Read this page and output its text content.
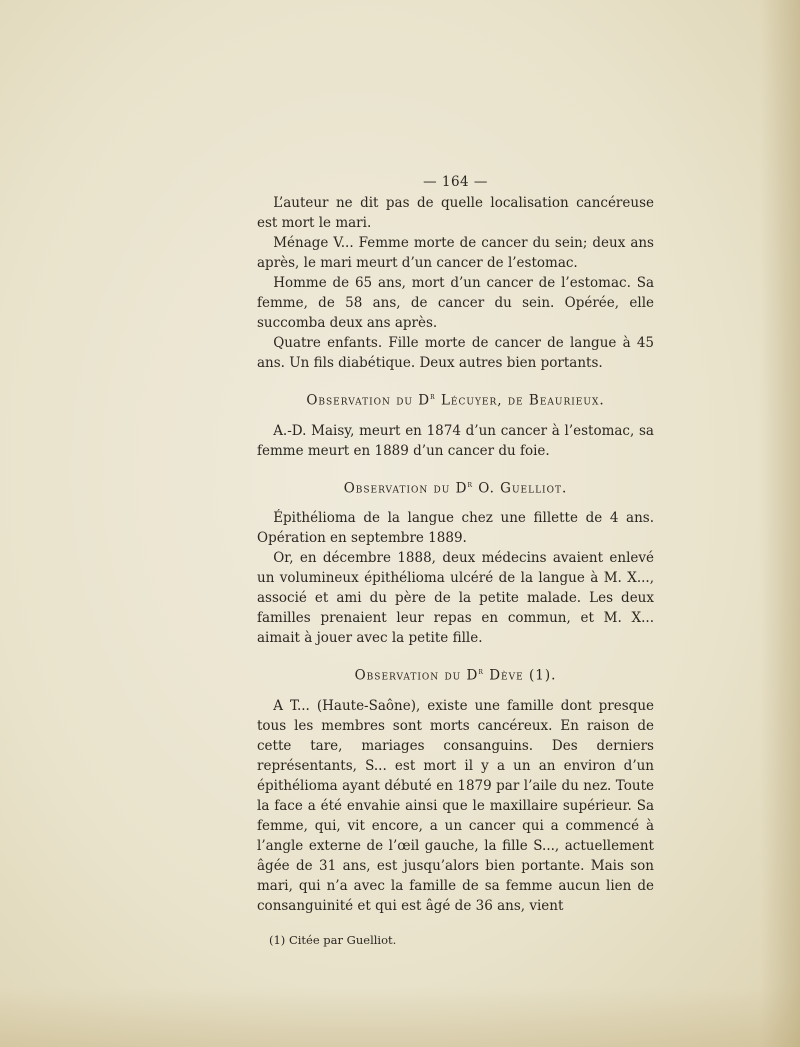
— 164 —

L’auteur ne dit pas de quelle localisation cancéreuse est mort le mari.

Ménage V... Femme morte de cancer du sein; deux ans après, le mari meurt d’un cancer de l’estomac.

Homme de 65 ans, mort d’un cancer de l’estomac. Sa femme, de 58 ans, de cancer du sein. Opérée, elle succomba deux ans après.

Quatre enfants. Fille morte de cancer de langue à 45 ans. Un fils diabétique. Deux autres bien portants.

Observation du $D^r$ Lécuyer, de Beaurieux.

A.-D. Maisy, meurt en 1874 d’un cancer à l’estomac, sa femme meurt en 1889 d’un cancer du foie.

Observation du $D^r$ O. Guelliot.

Épithélioma de la langue chez une fillette de 4 ans. Opération en septembre 1889.

Or, en décembre 1888, deux médecins avaient enlevé un volumineux épithélioma ulcéré de la langue à M. X..., associé et ami du père de la petite malade. Les deux familles prenaient leur repas en commun, et M. X... aimait à jouer avec la petite fille.

Observation du $D^r$ Dève (1).

A T... (Haute-Saône), existe une famille dont presque tous les membres sont morts cancéreux. En raison de cette tare, mariages consanguins. Des derniers représentants, S... est mort il y a un an environ d’un épithélioma ayant débuté en 1879 par l’aile du nez. Toute la face a été envahie ainsi que le maxillaire supérieur. Sa femme, qui, vit encore, a un cancer qui a commencé à l’angle externe de l’œil gauche, la fille S..., actuellement âgée de 31 ans, est jusqu’alors bien portante. Mais son mari, qui n’a avec la famille de sa femme aucun lien de consanguinité et qui est âgé de 36 ans, vient

(1) Citée par Guelliot.
